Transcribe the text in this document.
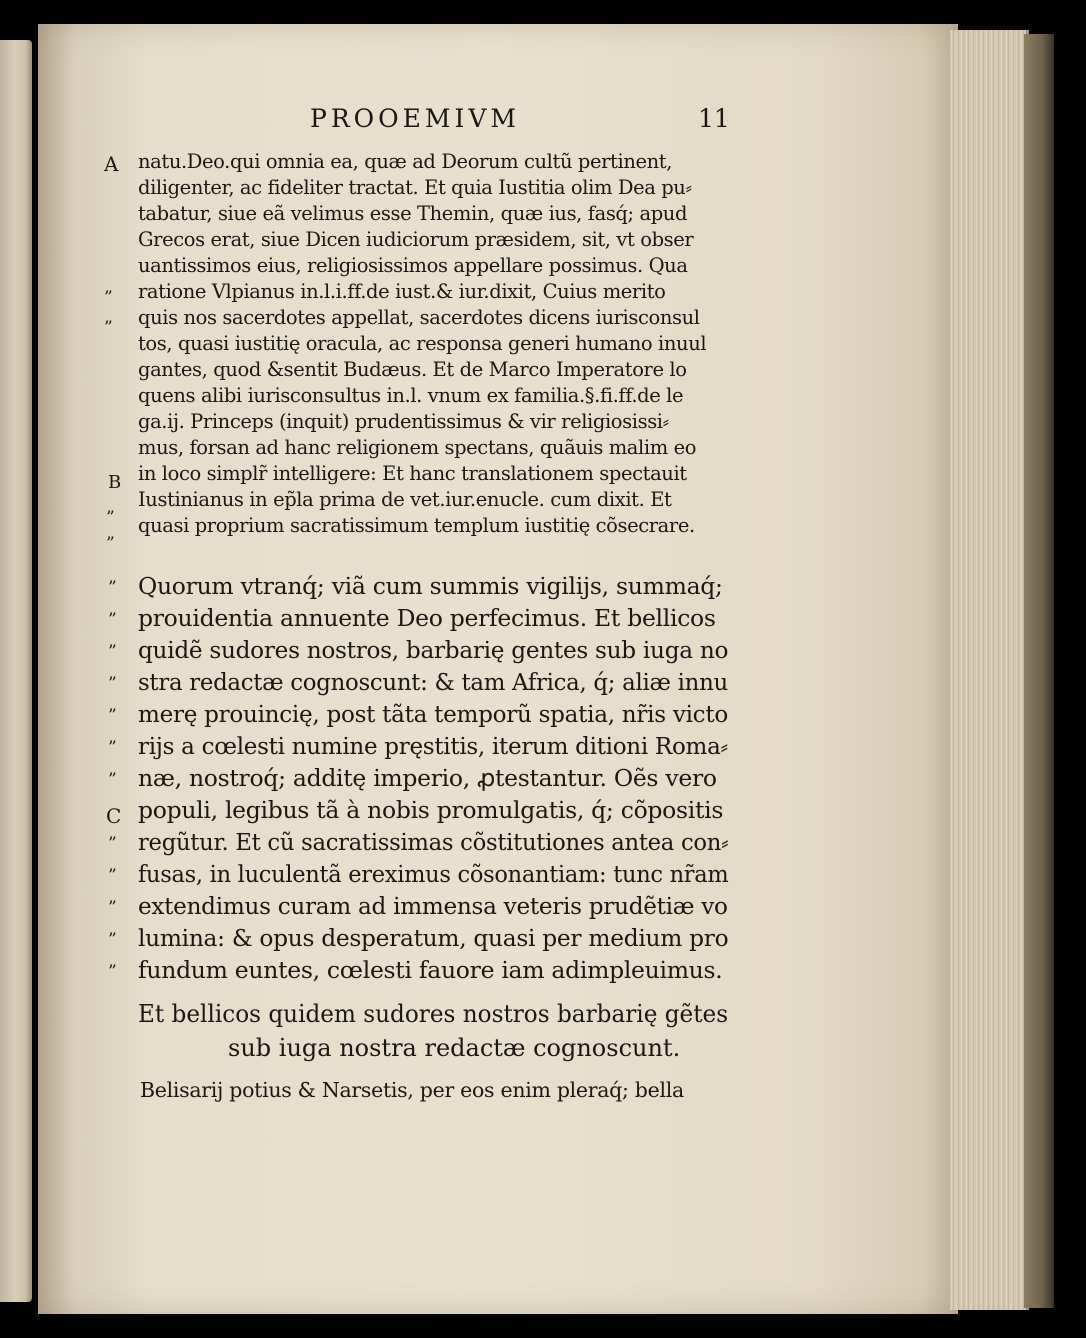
PROOEMIVM	11
A
B
C
natu.Deo.qui omnia ea, quæ ad Deorum cultũ pertinent,
diligenter, ac fideliter tractat. Et quia Iustitia olim Dea pu⸗
tabatur, siue eã velimus esse Themin, quæ ius, fasq́; apud
Grecos erat, siue Dicen iudiciorum præsidem, sit, vt obser
uantissimos eius, religiosissimos appellare possimus. Qua
ratione Vlpianus in.l.i.ff.de iust.& iur.dixit, Cuius merito
quis nos sacerdotes appellat, sacerdotes dicens iurisconsul
tos, quasi iustitię oracula, ac responsa generi humano inuul
gantes, quod &sentit Budæus. Et de Marco Imperatore lo
quens alibi iurisconsultus in.l. vnum ex familia.§.fi.ff.de le
ga.ij. Princeps (inquit) prudentissimus & vir religiosissi⸗
mus, forsan ad hanc religionem spectans, quãuis malim eo
in loco simplr̃ intelligere: Et hanc translationem spectauit
Iustinianus in ep̃la prima de vet.iur.enucle. cum dixit. Et
quasi proprium sacratissimum templum iustitię cõsecrare.
”
”
”
”
Quorum vtranq́; viã cum summis vigilijs, summaq́;
prouidentia annuente Deo perfecimus. Et bellicos
quidẽ sudores nostros, barbarię gentes sub iuga no
stra redactæ cognoscunt: & tam Africa, q́; aliæ innu
merę prouincię, post tãta temporũ spatia, nr̃is victo
rijs a cœlesti numine pręstitis, iterum ditioni Roma⸗
næ, nostroq́; additę imperio, ꝓtestantur. Oẽs vero
populi, legibus tã à nobis promulgatis, q́; cõpositis
regũtur. Et cũ sacratissimas cõstitutiones antea con⸗
fusas, in luculentã ereximus cõsonantiam: tunc nr̃am
extendimus curam ad immensa veteris prudẽtiæ vo
lumina: & opus desperatum, quasi per medium pro
fundum euntes, cœlesti fauore iam adimpleuimus.
”
”
”
”
”
”
”
”
”
”
”
”
Et bellicos quidem sudores nostros barbarię gẽtes
sub iuga nostra redactæ cognoscunt.
Belisarij potius & Narsetis, per eos enim pleraq́; bella
